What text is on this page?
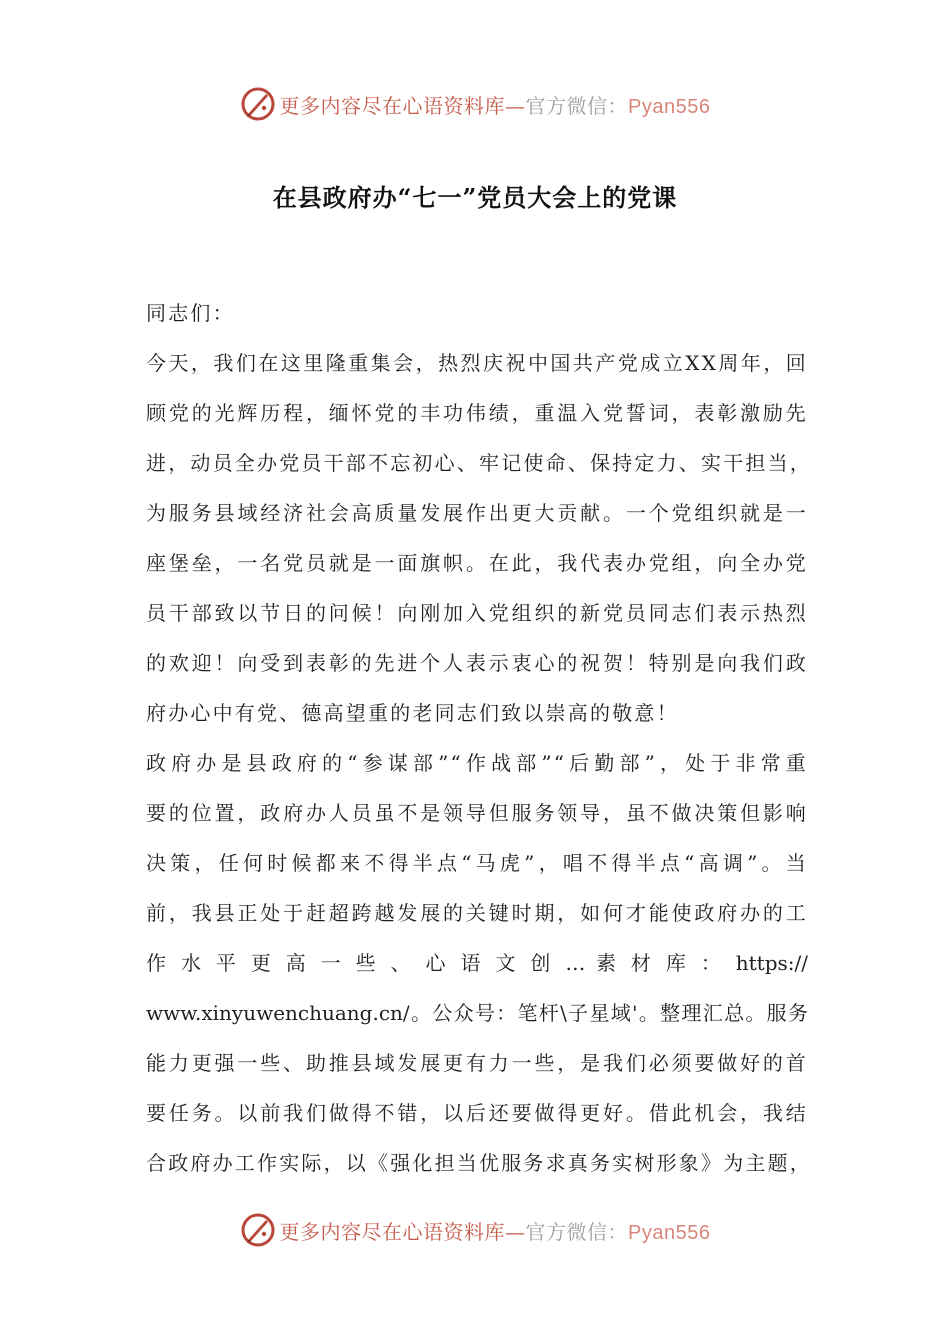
更多内容尽在心语资料库—官方微信：Pyan556
在县政府办“七一”党员大会上的党课
同志们：
今天，我们在这里隆重集会，热烈庆祝中国共产党成立XX周年，回
顾党的光辉历程，缅怀党的丰功伟绩，重温入党誓词，表彰激励先
进，动员全办党员干部不忘初心、牢记使命、保持定力、实干担当，
为服务县域经济社会高质量发展作出更大贡献。一个党组织就是一
座堡垒，一名党员就是一面旗帜。在此，我代表办党组，向全办党
员干部致以节日的问候！向刚加入党组织的新党员同志们表示热烈
的欢迎！向受到表彰的先进个人表示衷心的祝贺！特别是向我们政
府办心中有党、德高望重的老同志们致以崇高的敬意！
政府办是县政府的“参谋部”“作战部”“后勤部”，处于非常重
要的位置，政府办人员虽不是领导但服务领导，虽不做决策但影响
决策，任何时候都来不得半点“马虎”，唱不得半点“高调”。当
前，我县正处于赶超跨越发展的关键时期，如何才能使政府办的工
作 水 平 更 高 一 些 、 心 语 文 创 … 素 材 库 ： https://
www.xinyuwenchuang.cn/。公众号：笔杆\子星域'。整理汇总。服务
能力更强一些、助推县域发展更有力一些，是我们必须要做好的首
要任务。以前我们做得不错，以后还要做得更好。借此机会，我结
合政府办工作实际，以《强化担当优服务求真务实树形象》为主题，
更多内容尽在心语资料库—官方微信：Pyan556
